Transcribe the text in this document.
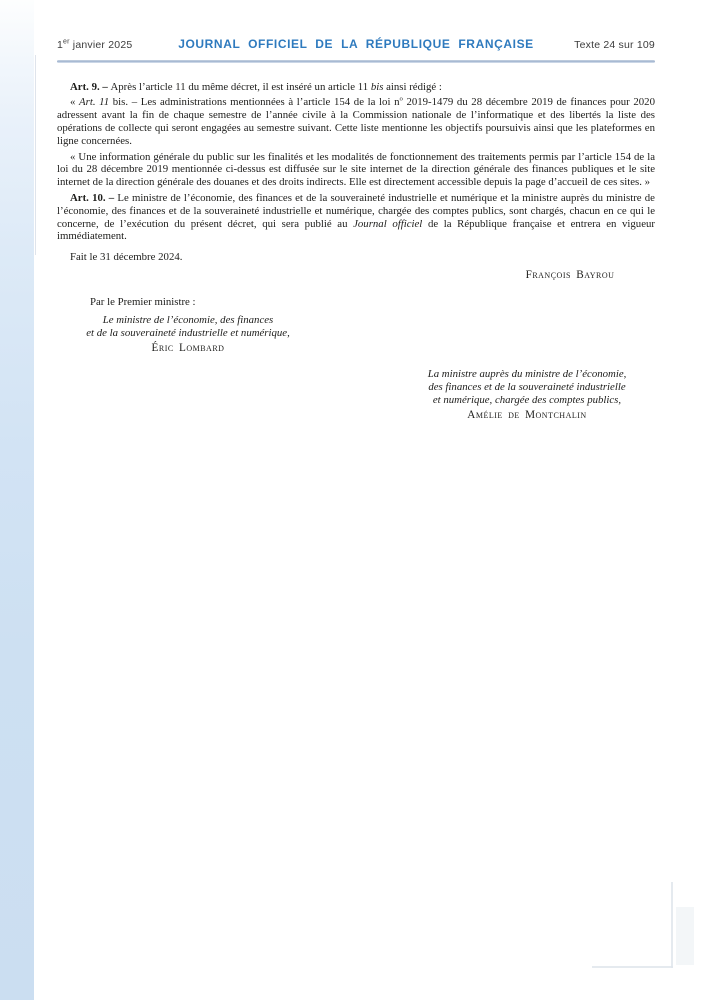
1er janvier 2025	JOURNAL OFFICIEL DE LA RÉPUBLIQUE FRANÇAISE	Texte 24 sur 109

Art. 9. – Après l’article 11 du même décret, il est inséré un article 11 bis ainsi rédigé :

« Art. 11 bis. – Les administrations mentionnées à l’article 154 de la loi $n^o$ 2019-1479 du 28 décembre 2019 de finances pour 2020 adressent avant la fin de chaque semestre de l’année civile à la Commission nationale de l’informatique et des libertés la liste des opérations de collecte qui seront engagées au semestre suivant. Cette liste mentionne les objectifs poursuivis ainsi que les plateformes en ligne concernées.

« Une information générale du public sur les finalités et les modalités de fonctionnement des traitements permis par l’article 154 de la loi du 28 décembre 2019 mentionnée ci-dessus est diffusée sur le site internet de la direction générale des finances publiques et le site internet de la direction générale des douanes et des droits indirects. Elle est directement accessible depuis la page d’accueil de ces sites. »

Art. 10. – Le ministre de l’économie, des finances et de la souveraineté industrielle et numérique et la ministre auprès du ministre de l’économie, des finances et de la souveraineté industrielle et numérique, chargée des comptes publics, sont chargés, chacun en ce qui le concerne, de l’exécution du présent décret, qui sera publié au Journal officiel de la République française et entrera en vigueur immédiatement.

Fait le 31 décembre 2024.

François Bayrou
Par le Premier ministre :
Le ministre de l’économie, des finances
et de la souveraineté industrielle et numérique,
Éric Lombard
La ministre auprès du ministre de l’économie,
des finances et de la souveraineté industrielle
et numérique, chargée des comptes publics,
Amélie de Montchalin
